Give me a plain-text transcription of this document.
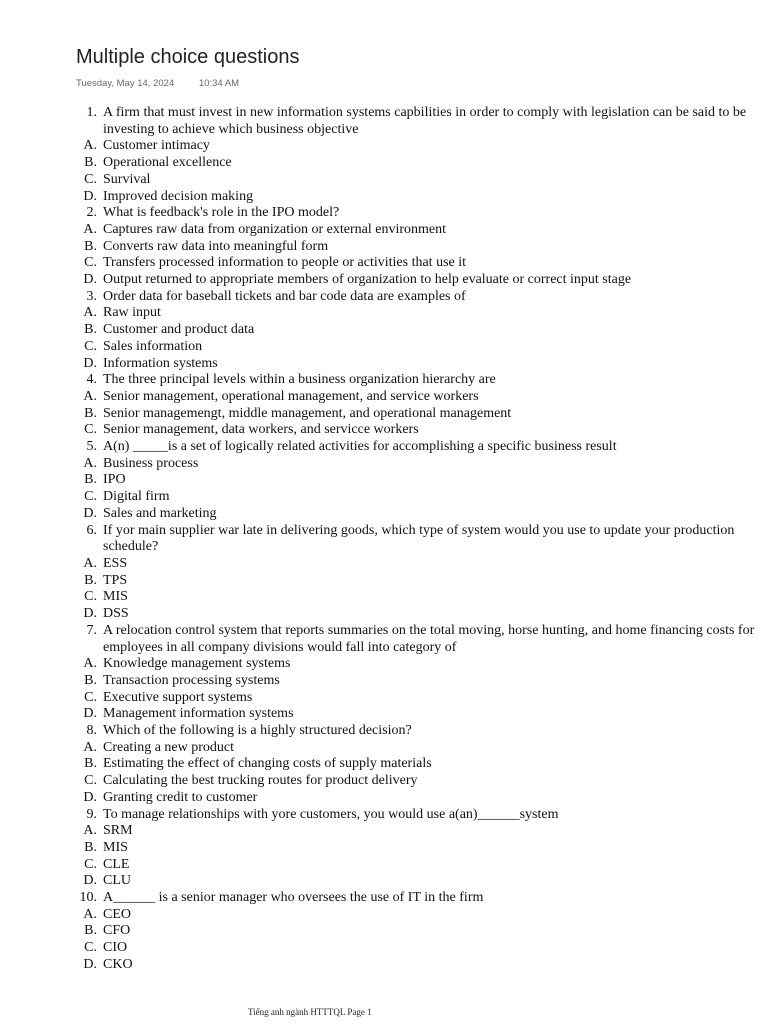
Multiple choice questions
Tuesday, May 14, 2024	10:34 AM
1. A firm that must invest in new information systems capbilities in order to comply with legislation can be said to be investing to achieve which business objective
A. Customer intimacy
B. Operational excellence
C. Survival
D. Improved decision making
2. What is feedback's role in the IPO model?
A. Captures raw data from organization or external environment
B. Converts raw data into meaningful form
C. Transfers processed information to people or activities that use it
D. Output returned to appropriate members of organization to help evaluate or correct input stage
3. Order data for baseball tickets and bar code data are examples of
A. Raw input
B. Customer and product data
C. Sales information
D. Information systems
4. The three principal levels within a business organization hierarchy are
A. Senior management, operational management, and service workers
B. Senior managemengt, middle management, and operational management
C. Senior management, data workers, and servicce workers
5. A(n) _____is a set of logically related activities for accomplishing a specific business result
A. Business process
B. IPO
C. Digital firm
D. Sales and marketing
6. If yor main supplier war late in delivering goods, which type of system would you use to update your production schedule?
A. ESS
B. TPS
C. MIS
D. DSS
7. A relocation control system that reports summaries on the total moving, horse hunting, and home financing costs for employees in all company divisions would fall into category of
A. Knowledge management systems
B. Transaction processing systems
C. Executive support systems
D. Management information systems
8. Which of the following is a highly structured decision?
A. Creating a new product
B. Estimating the effect of changing costs of supply materials
C. Calculating the best trucking routes for product delivery
D. Granting credit to customer
9. To manage relationships with yore customers, you would use a(an)______system
A. SRM
B. MIS
C. CLE
D. CLU
10. A______ is a senior manager who oversees the use of IT in the firm
A. CEO
B. CFO
C. CIO
D. CKO
Tiếng anh ngành HTTTQL Page 1
